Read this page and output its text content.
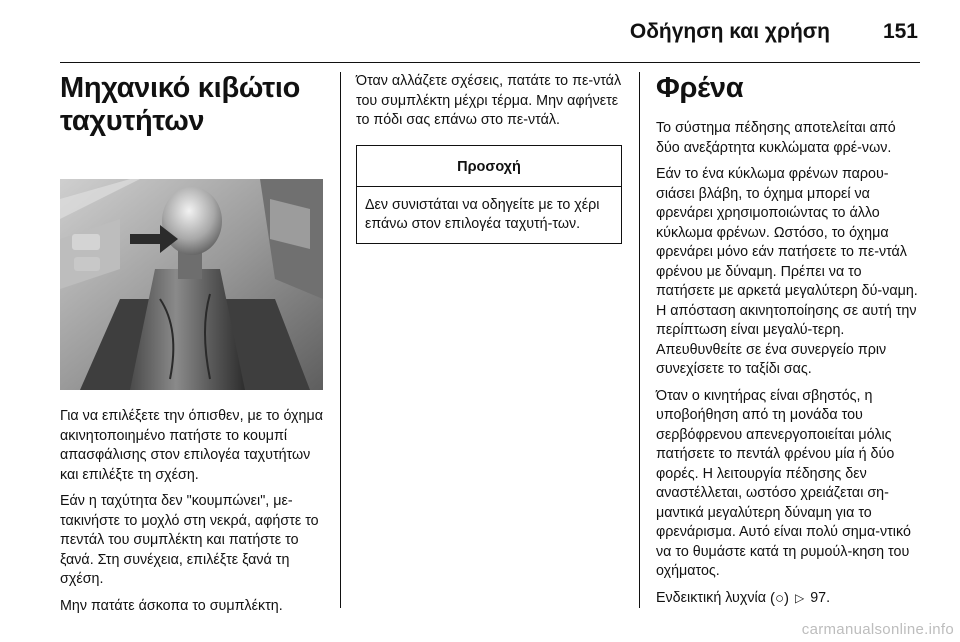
Οδήγηση και χρήση	151
Μηχανικό κιβώτιο ταχυτήτων

Για να επιλέξετε την όπισθεν, με το όχημα ακινητοποιημένο πατήστε το κουμπί απασφάλισης στον επιλογέα ταχυτήτων και επιλέξτε τη σχέση.

Εάν η ταχύτητα δεν "κουμπώνει", με-τακινήστε το μοχλό στη νεκρά, αφήστε το πεντάλ του συμπλέκτη και πατήστε το ξανά. Στη συνέχεια, επιλέξτε ξανά τη σχέση.

Μην πατάτε άσκοπα το συμπλέκτη.

Όταν αλλάζετε σχέσεις, πατάτε το πε-ντάλ του συμπλέκτη μέχρι τέρμα. Μην αφήνετε το πόδι σας επάνω στο πε-ντάλ.

Προσοχή

Δεν συνιστάται να οδηγείτε με το χέρι επάνω στον επιλογέα ταχυτή-των.

Φρένα

Το σύστημα πέδησης αποτελείται από δύο ανεξάρτητα κυκλώματα φρέ-νων.

Εάν το ένα κύκλωμα φρένων παρου-σιάσει βλάβη, το όχημα μπορεί να φρενάρει χρησιμοποιώντας το άλλο κύκλωμα φρένων. Ωστόσο, το όχημα φρενάρει μόνο εάν πατήσετε το πε-ντάλ φρένου με δύναμη. Πρέπει να το πατήσετε με αρκετά μεγαλύτερη δύ-ναμη. Η απόσταση ακινητοποίησης σε αυτή την περίπτωση είναι μεγαλύ-τερη. Απευθυνθείτε σε ένα συνεργείο πριν συνεχίσετε το ταξίδι σας.

Όταν ο κινητήρας είναι σβηστός, η υποβοήθηση από τη μονάδα του σερβόφρενου απενεργοποιείται μόλις πατήσετε το πεντάλ φρένου μία ή δύο φορές. Η λειτουργία πέδησης δεν αναστέλλεται, ωστόσο χρειάζεται ση-μαντικά μεγαλύτερη δύναμη για το φρενάρισμα. Αυτό είναι πολύ σημα-ντικό να το θυμάστε κατά τη ρυμούλ-κηση του οχήματος.

Ενδεικτική λυχνία (○) ▷ 97.

carmanualsonline.info
